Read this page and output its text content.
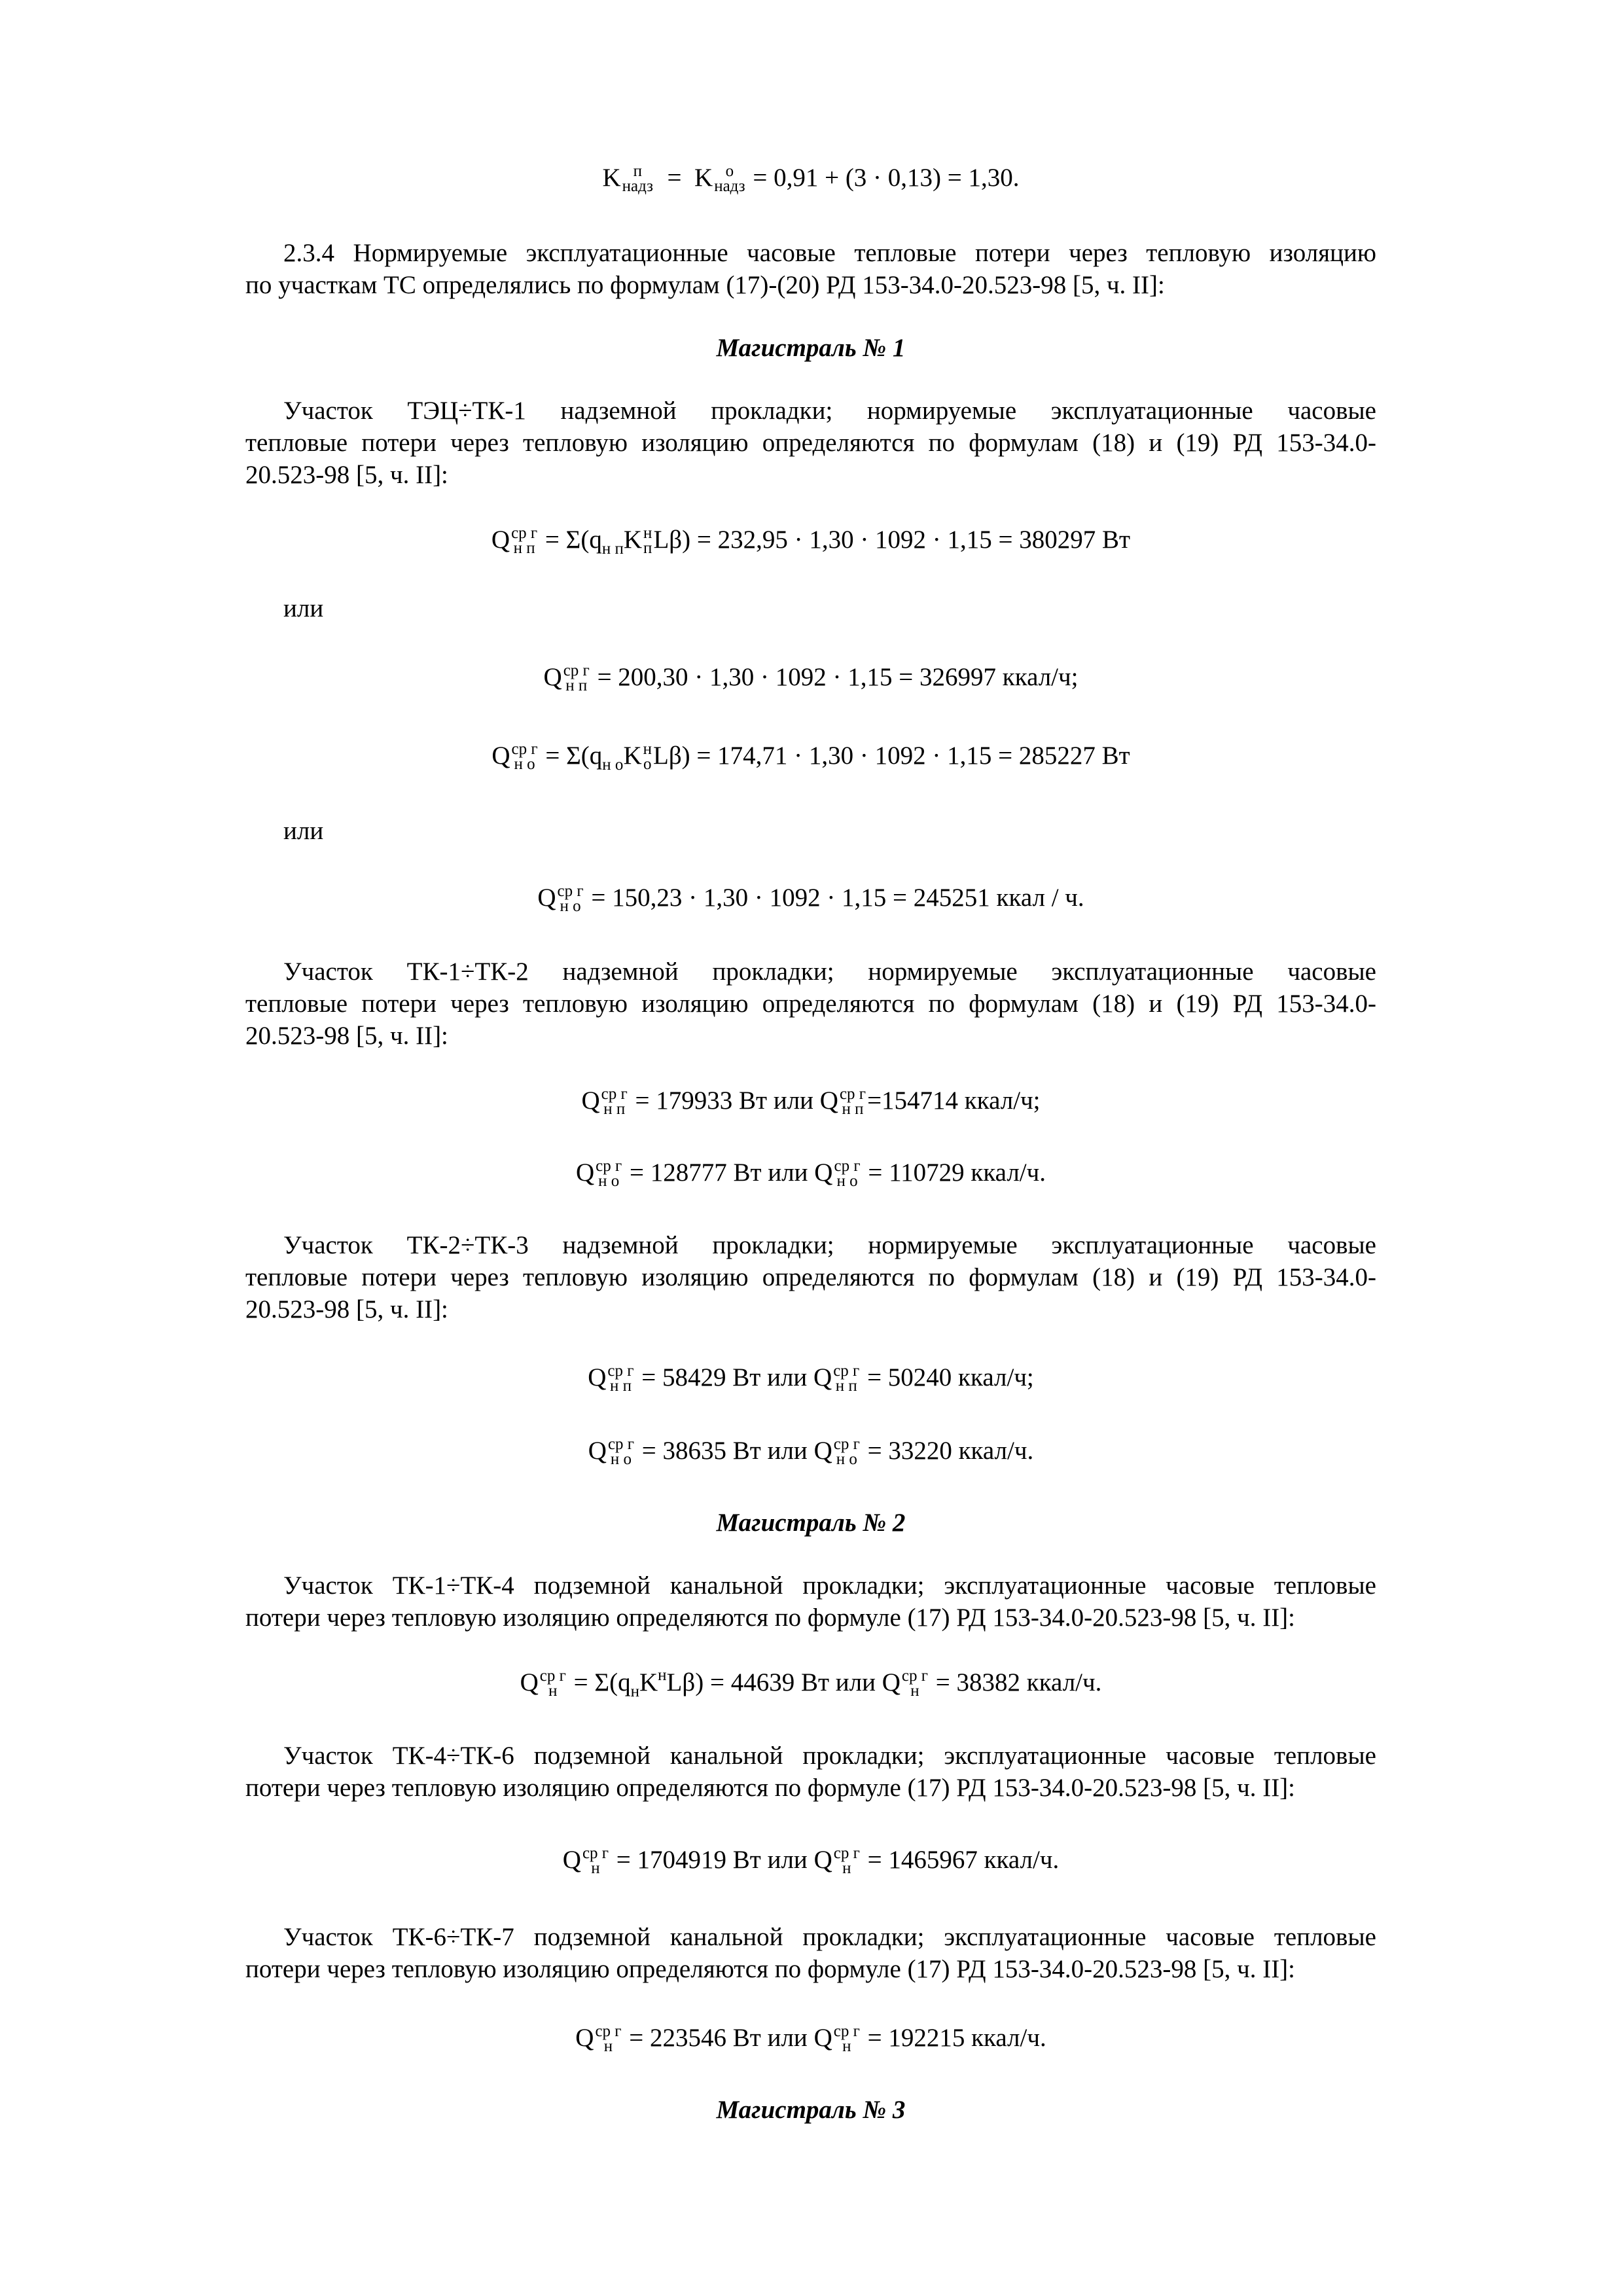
K п
надз =  K о
надз = 0,91 + (3 · 0,13) = 1,30.
2.3.4 Нормируемые эксплуатационные часовые тепловые потери через тепловую изоляцию
по участкам ТС определялись по формулам (17)-(20) РД 153-34.0-20.523-98 [5, ч. II]:
Магистраль № 1
Участок ТЭЦ÷ТК-1 надземной прокладки; нормируемые эксплуатационные часовые
тепловые потери через тепловую изоляцию определяются по формулам (18) и (19) РД 153-34.0-
20.523-98 [5, ч. II]:
Q ср г
н $п = \Sigma(q_{н п}K$ н
п Lβ) = 232,95 · 1,30 · 1092 · 1,15 = 380297 Вт
или
Q ср г
н п = 200,30 · 1,30 · 1092 · 1,15 = 326997 ккал/ч;
Q ср г
н $о = \Sigma(q_{н о}K$ н
о Lβ) = 174,71 · 1,30 · 1092 · 1,15 = 285227 Вт
или
Q ср г
н о = 150,23 · 1,30 · 1092 · 1,15 = 245251 ккал / ч.
Участок ТК-1÷ТК-2 надземной прокладки; нормируемые эксплуатационные часовые
тепловые потери через тепловую изоляцию определяются по формулам (18) и (19) РД 153-34.0-
20.523-98 [5, ч. II]:
Q ср г
н п = 179933 Вт или Q ср г
н п =154714 ккал/ч;
Q ср г
н о = 128777 Вт или Q ср г
н о = 110729 ккал/ч.
Участок ТК-2÷ТК-3 надземной прокладки; нормируемые эксплуатационные часовые
тепловые потери через тепловую изоляцию определяются по формулам (18) и (19) РД 153-34.0-
20.523-98 [5, ч. II]:
Q ср г
н п = 58429 Вт или Q ср г
н п = 50240 ккал/ч;
Q ср г
н о = 38635 Вт или Q ср г
н о = 33220 ккал/ч.
Магистраль № 2
Участок ТК-1÷ТК-4 подземной канальной прокладки; эксплуатационные часовые тепловые
потери через тепловую изоляцию определяются по формуле (17) РД 153-34.0-20.523-98 [5, ч. II]:
Q ср г
$н = \Sigma(q_нK^нL\beta) = 44639$ Вт или Q ср г
н = 38382 ккал/ч.
Участок ТК-4÷ТК-6 подземной канальной прокладки; эксплуатационные часовые тепловые
потери через тепловую изоляцию определяются по формуле (17) РД 153-34.0-20.523-98 [5, ч. II]:
Q ср г
н = 1704919 Вт или Q ср г
н = 1465967 ккал/ч.
Участок ТК-6÷ТК-7 подземной канальной прокладки; эксплуатационные часовые тепловые
потери через тепловую изоляцию определяются по формуле (17) РД 153-34.0-20.523-98 [5, ч. II]:
Q ср г
н = 223546 Вт или Q ср г
н = 192215 ккал/ч.
Магистраль № 3
